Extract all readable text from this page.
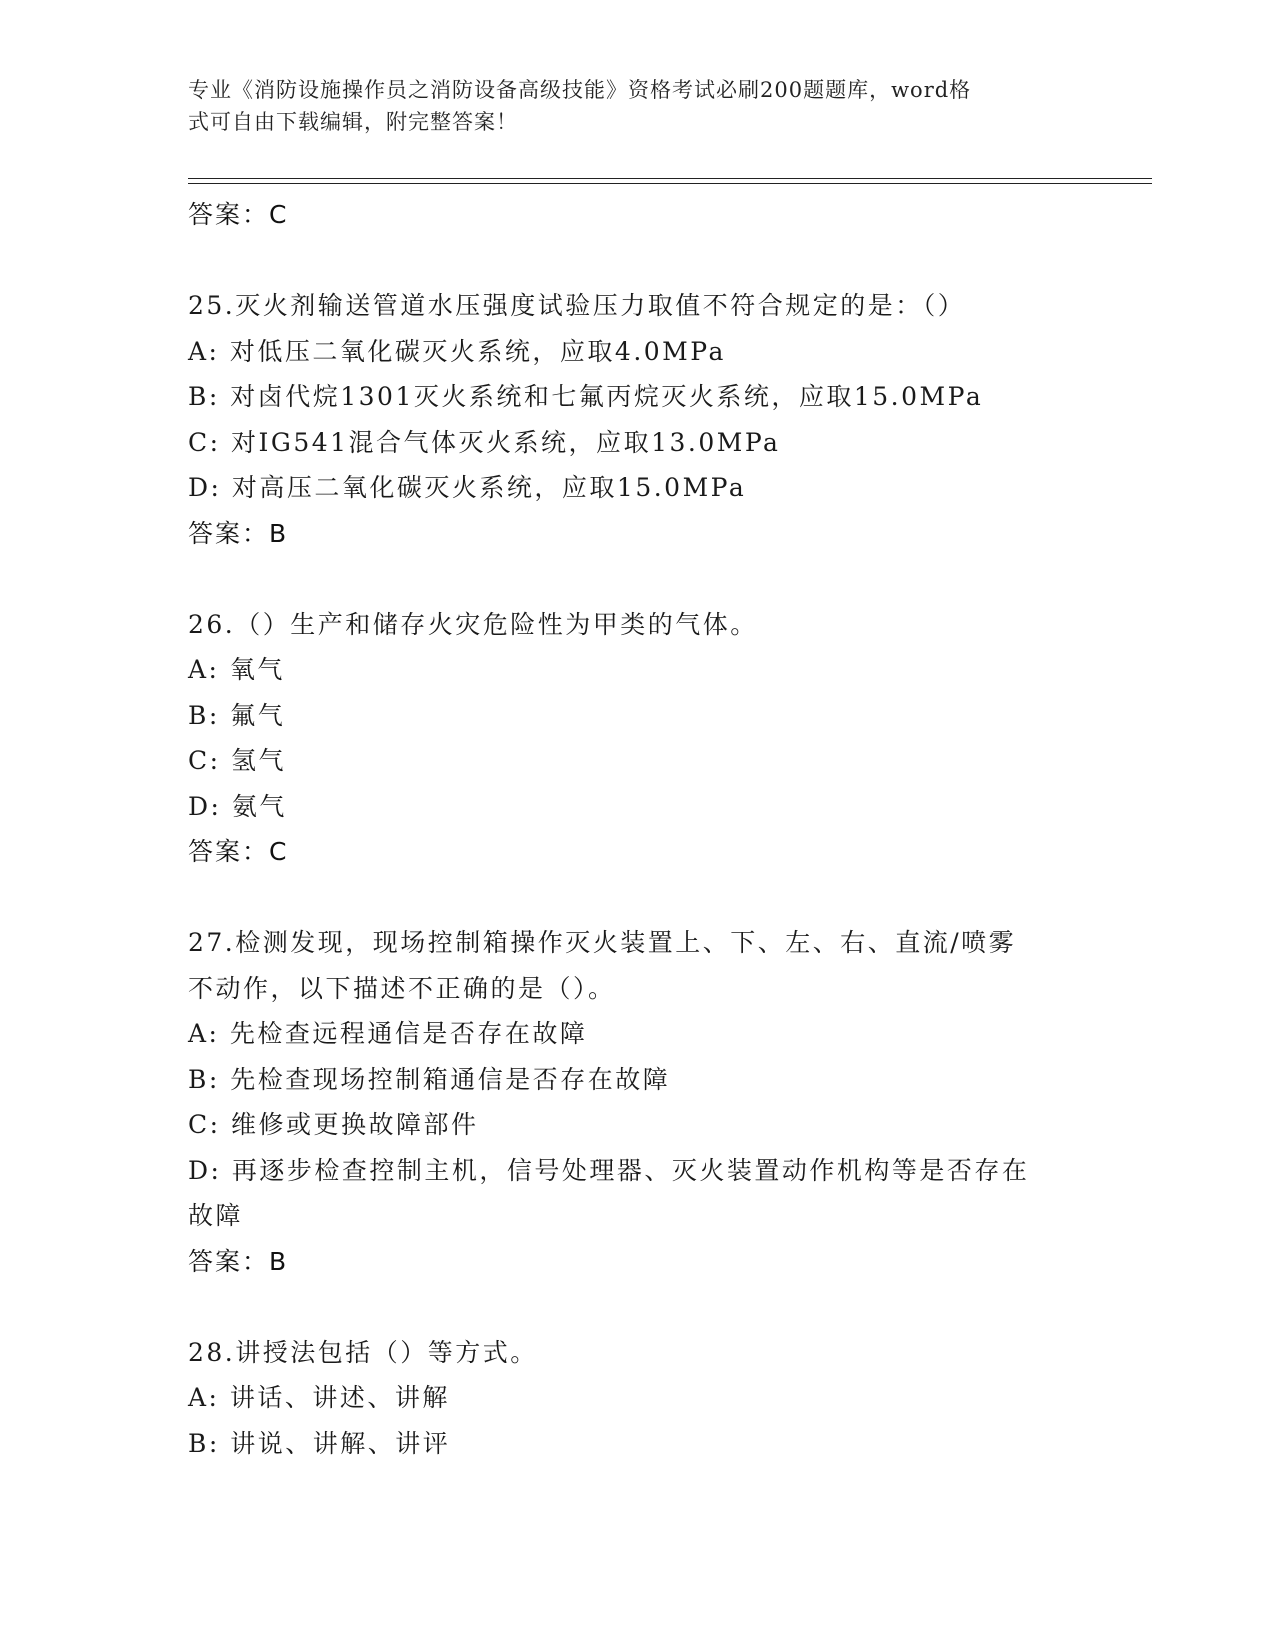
专业《消防设施操作员之消防设备高级技能》资格考试必刷200题题库，word格
式可自由下载编辑，附完整答案！
答案：C
25.灭火剂输送管道水压强度试验压力取值不符合规定的是：（）
A: 对低压二氧化碳灭火系统，应取4.0MPa
B: 对卤代烷1301灭火系统和七氟丙烷灭火系统，应取15.0MPa
C: 对IG541混合气体灭火系统，应取13.0MPa
D: 对高压二氧化碳灭火系统，应取15.0MPa
答案：B
26.（）生产和储存火灾危险性为甲类的气体。
A: 氧气
B: 氟气
C: 氢气
D: 氨气
答案：C
27.检测发现，现场控制箱操作灭火装置上、下、左、右、直流/喷雾
不动作，以下描述不正确的是（）。
A: 先检查远程通信是否存在故障
B: 先检查现场控制箱通信是否存在故障
C: 维修或更换故障部件
D: 再逐步检查控制主机，信号处理器、灭火装置动作机构等是否存在
故障
答案：B
28.讲授法包括（）等方式。
A: 讲话、讲述、讲解
B: 讲说、讲解、讲评
